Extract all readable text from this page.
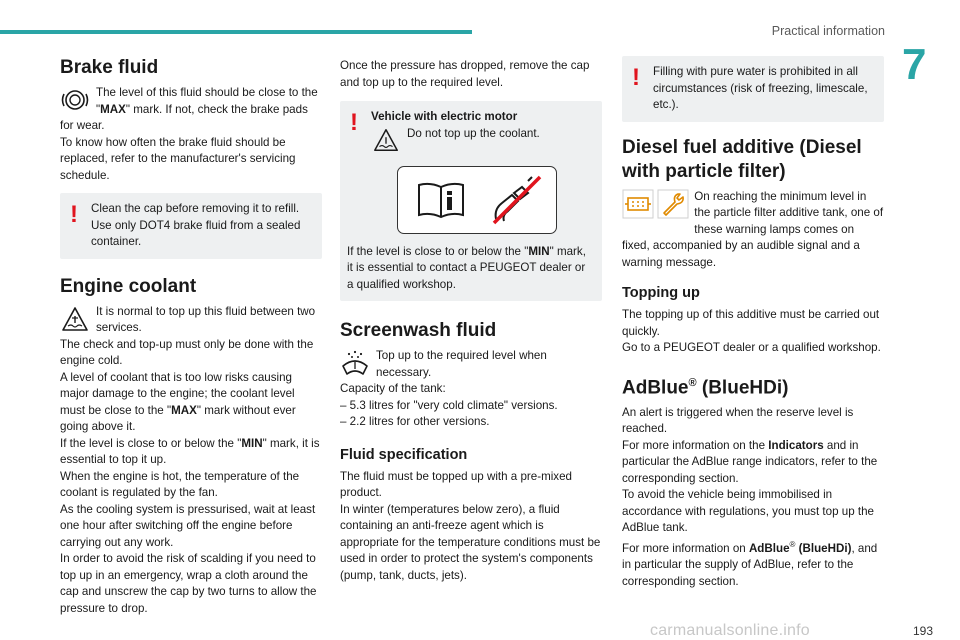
Practical information
7
Brake fluid

The level of this fluid should be close to the "MAX" mark. If not, check the brake pads for wear.

To know how often the brake fluid should be replaced, refer to the manufacturer's servicing schedule.

!	Clean the cap before removing it to refill. Use only DOT4 brake fluid from a sealed container.
Engine coolant

It is normal to top up this fluid between two services.

The check and top-up must only be done with the engine cold.

A level of coolant that is too low risks causing major damage to the engine; the coolant level must be close to the "MAX" mark without ever going above it.

If the level is close to or below the "MIN" mark, it is essential to top it up.

When the engine is hot, the temperature of the coolant is regulated by the fan.

As the cooling system is pressurised, wait at least one hour after switching off the engine before carrying out any work.

In order to avoid the risk of scalding if you need to top up in an emergency, wrap a cloth around the cap and unscrew the cap by two turns to allow the pressure to drop.

Once the pressure has dropped, remove the cap and top up to the required level.

!	Vehicle with electric motor
Do not top up the coolant.
If the level is close to or below the "MIN" mark, it is essential to contact a PEUGEOT dealer or a qualified workshop.
Screenwash fluid

Top up to the required level when necessary.

Capacity of the tank:

– 5.3 litres for "very cold climate" versions.

– 2.2 litres for other versions.

Fluid specification

The fluid must be topped up with a pre-mixed product.

In winter (temperatures below zero), a fluid containing an anti-freeze agent which is appropriate for the temperature conditions must be used in order to protect the system's components (pump, tank, ducts, jets).

!	Filling with pure water is prohibited in all circumstances (risk of freezing, limescale, etc.).
Diesel fuel additive (Diesel with particle filter)

On reaching the minimum level in the particle filter additive tank, one of these warning lamps comes on fixed, accompanied by an audible signal and a warning message.

Topping up

The topping up of this additive must be carried out quickly.

Go to a PEUGEOT dealer or a qualified workshop.

AdBlue® (BlueHDi)

An alert is triggered when the reserve level is reached.

For more information on the Indicators and in particular the AdBlue range indicators, refer to the corresponding section.

To avoid the vehicle being immobilised in accordance with regulations, you must top up the AdBlue tank.

For more information on AdBlue® (BlueHDi), and in particular the supply of AdBlue, refer to the corresponding section.

193
carmanualsonline.info
